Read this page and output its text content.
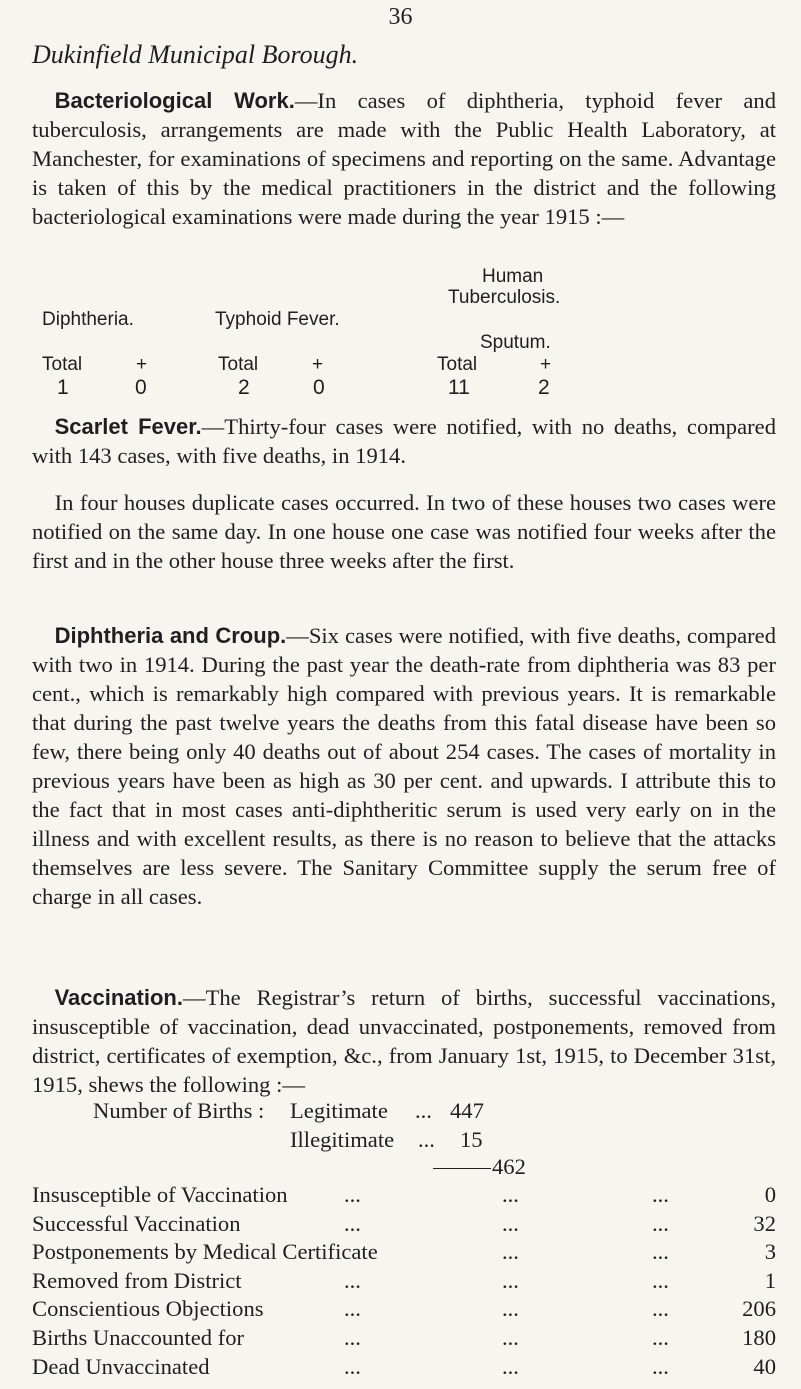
36
Dukinfield Municipal Borough.

 Bacteriological Work.—In cases of diphtheria, typhoid fever and tuberculosis, arrangements are made with the Public Health Laboratory, at Manchester, for examinations of specimens and reporting on the same. Advantage is taken of this by the medical practitioners in the district and the following bacteriological examinations were made during the year 1915 :—

Human
Tuberculosis.
Diphtheria.	Typhoid Fever.
Sputum.
Total	+	Total	+	Total	+
1	0	2	0	11	2

 Scarlet Fever.—Thirty-four cases were notified, with no deaths, compared with 143 cases, with five deaths, in 1914.

 In four houses duplicate cases occurred. In two of these houses two cases were notified on the same day. In one house one case was notified four weeks after the first and in the other house three weeks after the first.

 Diphtheria and Croup.—Six cases were notified, with five deaths, compared with two in 1914. During the past year the death-rate from diphtheria was 83 per cent., which is remarkably high compared with previous years. It is remarkable that during the past twelve years the deaths from this fatal disease have been so few, there being only 40 deaths out of about 254 cases. The cases of mortality in previous years have been as high as 30 per cent. and upwards. I attribute this to the fact that in most cases anti-diphtheritic serum is used very early on in the illness and with excellent results, as there is no reason to believe that the attacks themselves are less severe. The Sanitary Committee supply the serum free of charge in all cases.

 Vaccination.—The Registrar’s return of births, successful vaccinations, insusceptible of vaccination, dead unvaccinated, postponements, removed from district, certificates of exemption, &c., from January 1st, 1915, to December 31st, 1915, shews the following :—

Number of Births : Legitimate ... 447
Illegitimate ... 15
462
Insusceptible of Vaccination ...	...	...	0
Successful Vaccination	...	...	...	32
Postponements by Medical Certificate	...	...	3
Removed from District	...	...	...	1
Conscientious Objections	...	...	...	206
Births Unaccounted for	...	...	...	180
Dead Unvaccinated	...	...	...	40
